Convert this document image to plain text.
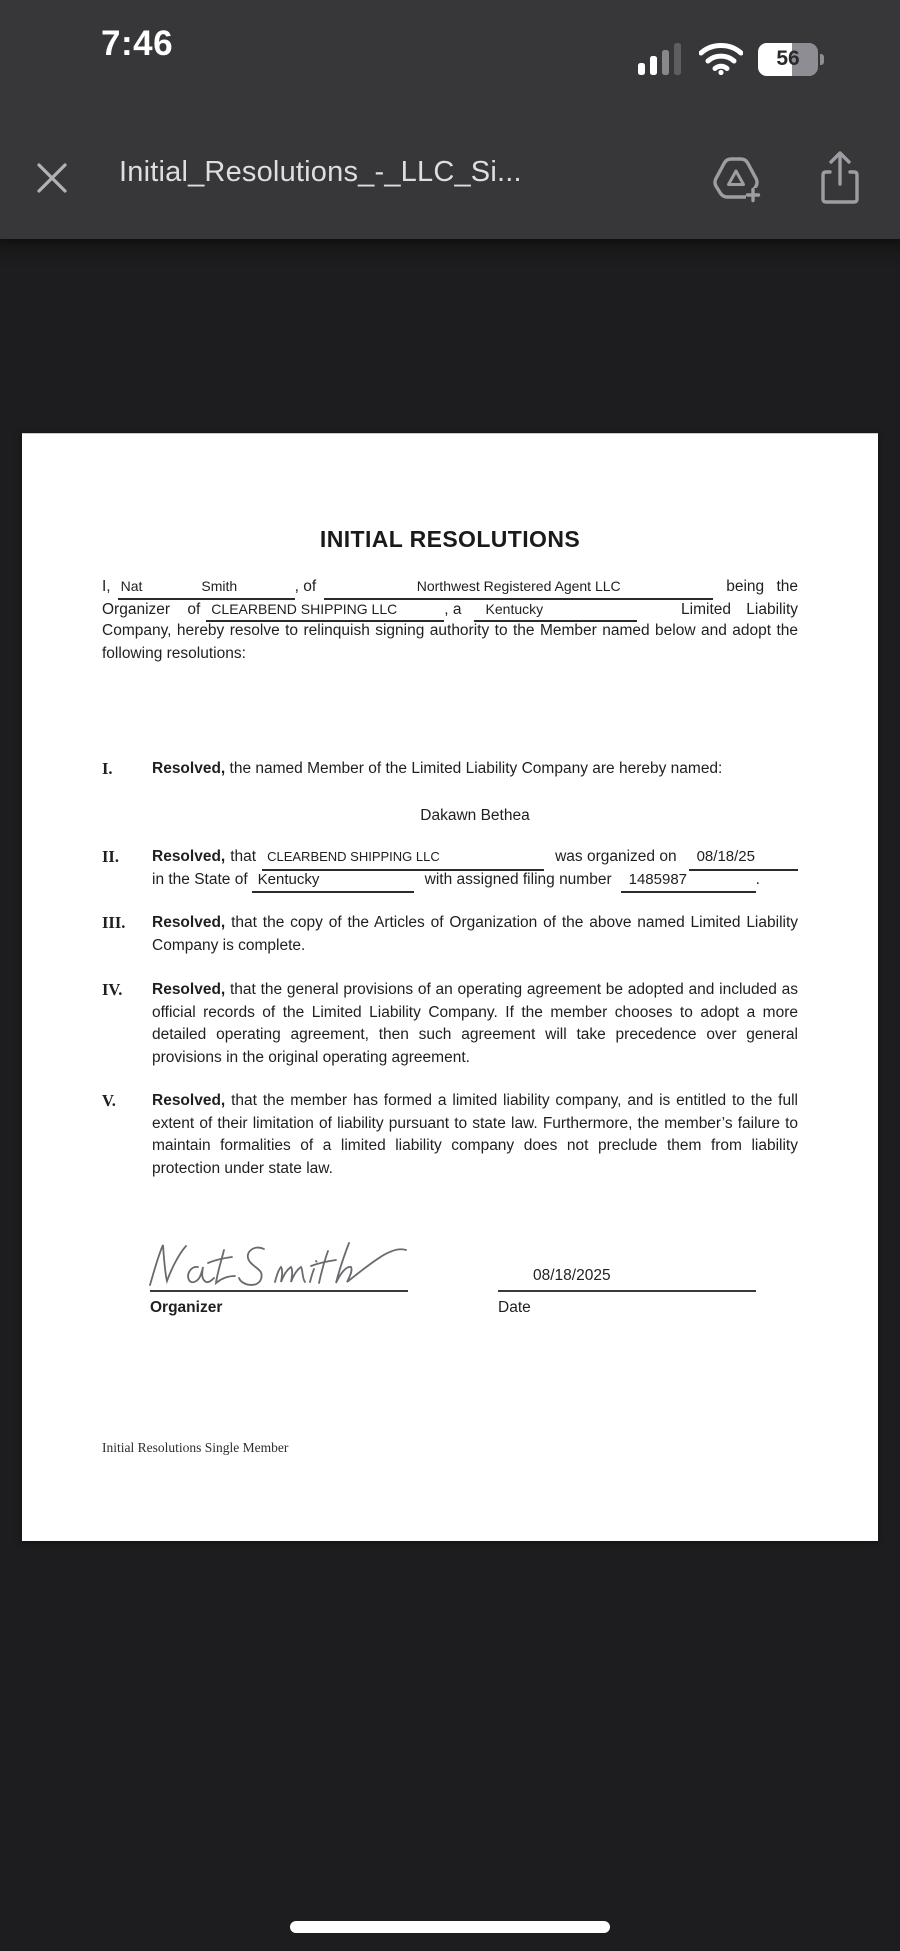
INITIAL RESOLUTIONS
I, Nat	Smith	, of	Northwest Registered Agent LLC	being the
Organizer of CLEARBEND SHIPPING LLC	, a Kentucky	Limited Liability
Company, hereby resolve to relinquish signing authority to the Member named below and adopt the following resolutions:
I.	Resolved, the named Member of the Limited Liability Company are hereby named:
Dakawn Bethea
II.	Resolved, that CLEARBEND SHIPPING LLC	was organized on 08/18/25
in the State of Kentucky	with assigned filing number 1485987	.
III.	Resolved, that the copy of the Articles of Organization of the above named Limited Liability Company is complete.
IV.	Resolved, that the general provisions of an operating agreement be adopted and included as official records of the Limited Liability Company. If the member chooses to adopt a more detailed operating agreement, then such agreement will take precedence over general provisions in the original operating agreement.
V.	Resolved, that the member has formed a limited liability company, and is entitled to the full extent of their limitation of liability pursuant to state law. Furthermore, the member’s failure to maintain formalities of a limited liability company does not preclude them from liability protection under state law.
Organizer
08/18/2025
Date
Initial Resolutions Single Member
7:46	56
Initial_Resolutions_-_LLC_Si...
